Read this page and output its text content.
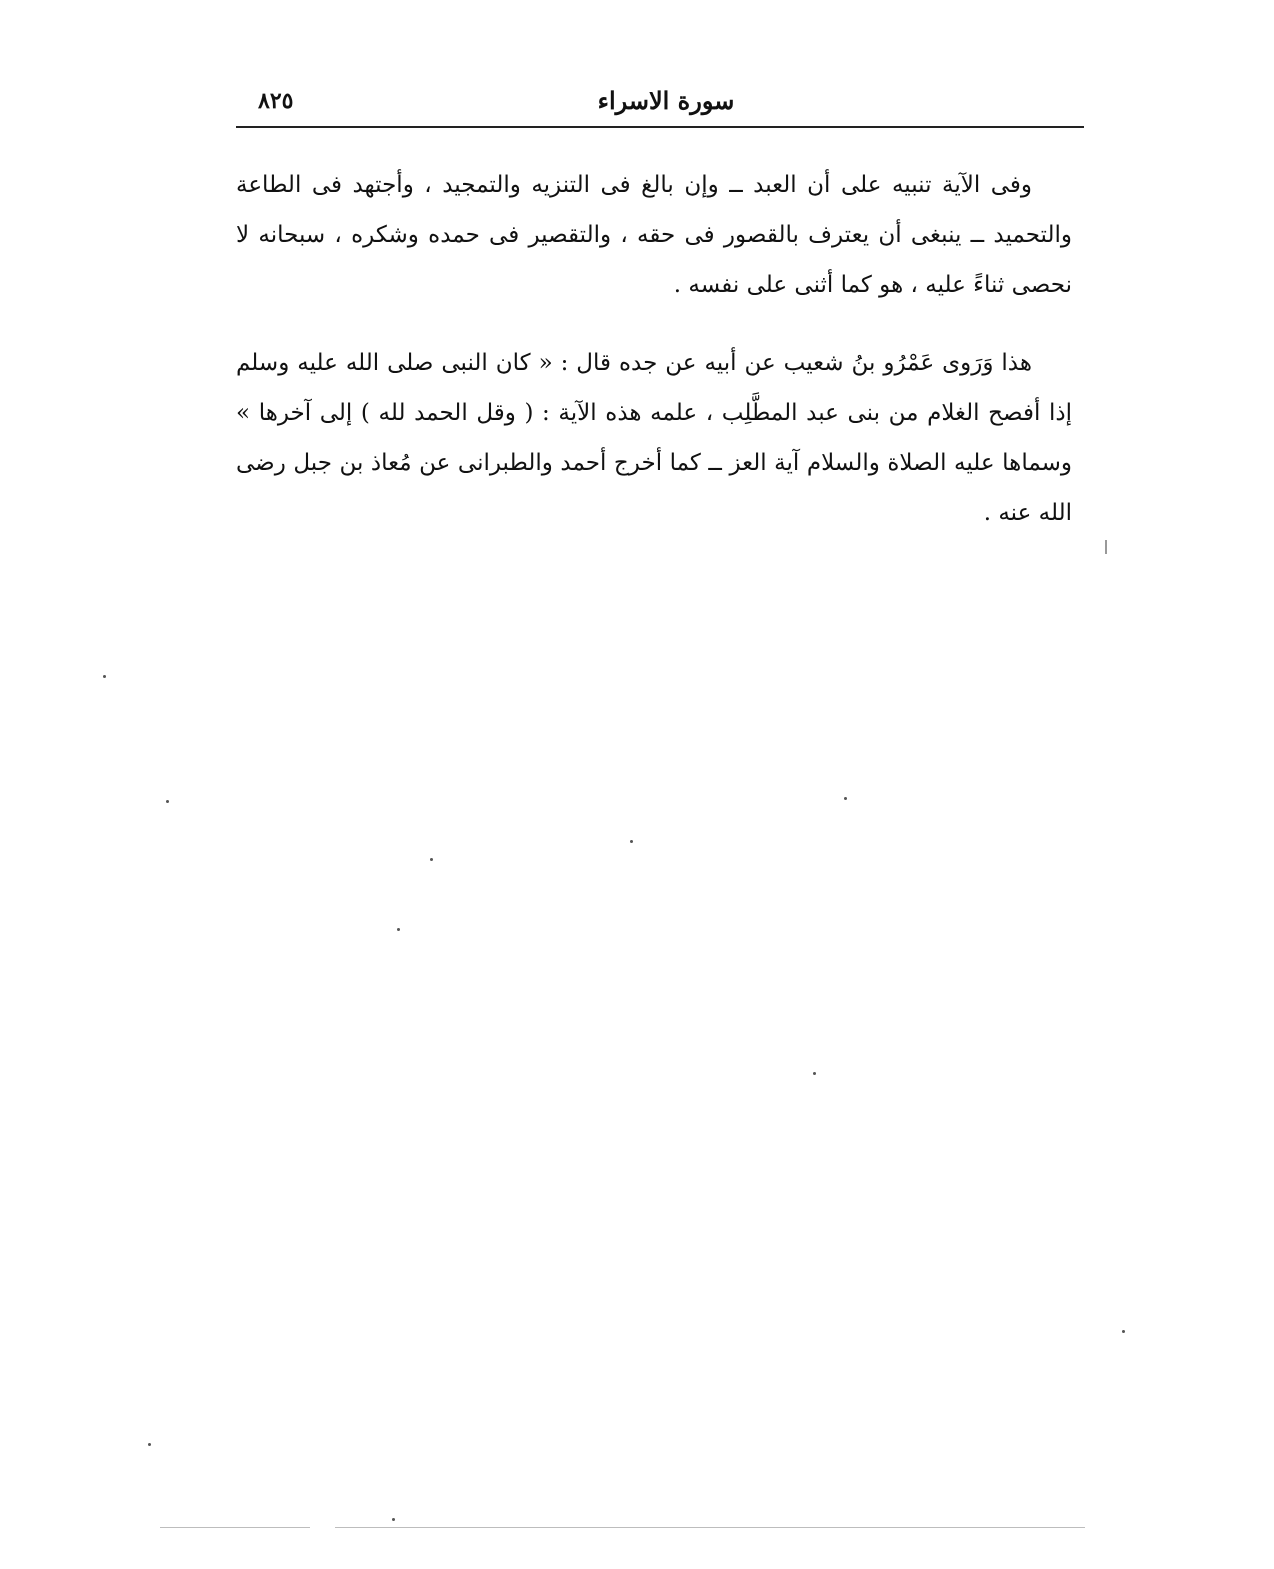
٨٢٥	سورة الاسراء

وفى الآية تنبيه على أن العبد ــ وإن بالغ فى التنزيه والتمجيد ، وأجتهد فى الطاعة والتحميد ــ ينبغى أن يعترف بالقصور فى حقه ، والتقصير فى حمده وشكره ، سبحانه لا نحصى ثناءً عليه ، هو كما أثنى على نفسه .

هذا وَرَوى عَمْرُو بنُ شعيب عن أبيه عن جده قال : « كان النبى صلى الله عليه وسلم إذا أفصح الغلام من بنى عبد المطَّلِب ، علمه هذه الآية : ( وقل الحمد لله ) إلى آخرها » وسماها عليه الصلاة والسلام آية العز ــ كما أخرج أحمد والطبرانى عن مُعاذ بن جبل رضى الله عنه .
